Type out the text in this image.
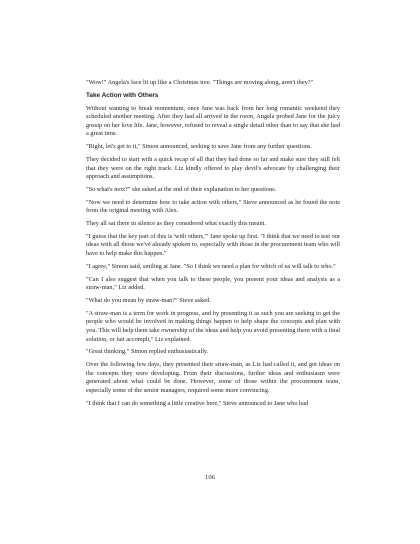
"Wow!" Angela's face lit up like a Christmas tree. "Things are moving along, aren't they?"

Take Action with Others

Without wanting to break momentum, once Jane was back from her long romantic weekend they scheduled another meeting. After they had all arrived in the room, Angela probed Jane for the juicy gossip on her love life. Jane, however, refused to reveal a single detail other than to say that she had a great time.

"Right, let's get to it," Simon announced, seeking to save Jane from any further questions.

They decided to start with a quick recap of all that they had done so far and make sure they still felt that they were on the right track. Liz kindly offered to play devil's advocate by challenging their approach and assumptions.

"So what's next?" she asked at the end of their explanation to her questions.

"Now we need to determine how to take action with others," Steve announced as he found the note from the original meeting with Alex.

They all sat there in silence as they considered what exactly this meant.

"I guess that the key part of this is 'with others,'" Jane spoke up first. "I think that we need to test our ideas with all those we've already spoken to, especially with those in the procurement team who will have to help make this happen."

"I agree," Simon said, smiling at Jane. "So I think we need a plan for which of us will talk to who."

"Can I also suggest that when you talk to these people, you present your ideas and analysis as a straw-man," Liz added.

"What do you mean by straw-man?" Steve asked.

"A straw-man is a term for work in progress, and by presenting it as such you are seeking to get the people who would be involved in making things happen to help shape the concepts and plan with you. This will help them take ownership of the ideas and help you avoid presenting them with a final solution, or fait accompli," Liz explained.

"Great thinking," Simon replied enthusiastically.

Over the following few days, they presented their straw-man, as Liz had called it, and got ideas on the concepts they were developing. From their discussions, further ideas and enthusiasm were generated about what could be done. However, some of those within the procurement team, especially some of the senior managers, required some more convincing.

"I think that I can do something a little creative here," Steve announced to Jane who had

106
